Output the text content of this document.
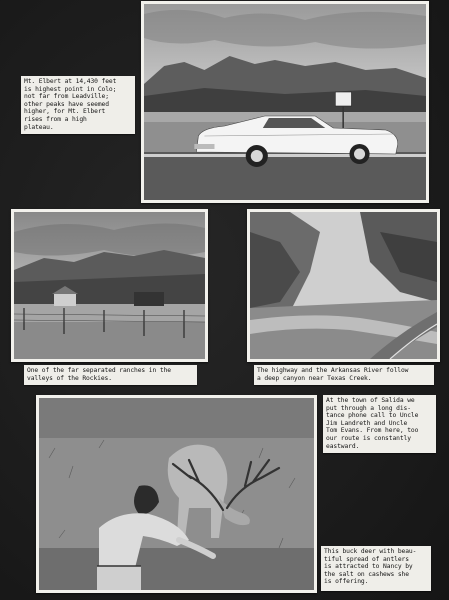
Mt. Elbert at 14,430 feet
is highest point in Colo;
not far from Leadville;
other peaks have seemed
higher, for Mt. Elbert
rises from a high
plateau.
One of the far separated ranches in the
valleys of the Rockies.
The highway and the Arkansas River follow
a deep canyon near Texas Creek.
At the town of Salida we
put through a long dis-
tance phone call to Uncle
Jim Landreth and Uncle
Tom Evans. From here, too
our route is constantly
eastward.
This buck deer with beau-
tiful spread of antlers
is attracted to Nancy by
the salt on cashews she
is offering.
